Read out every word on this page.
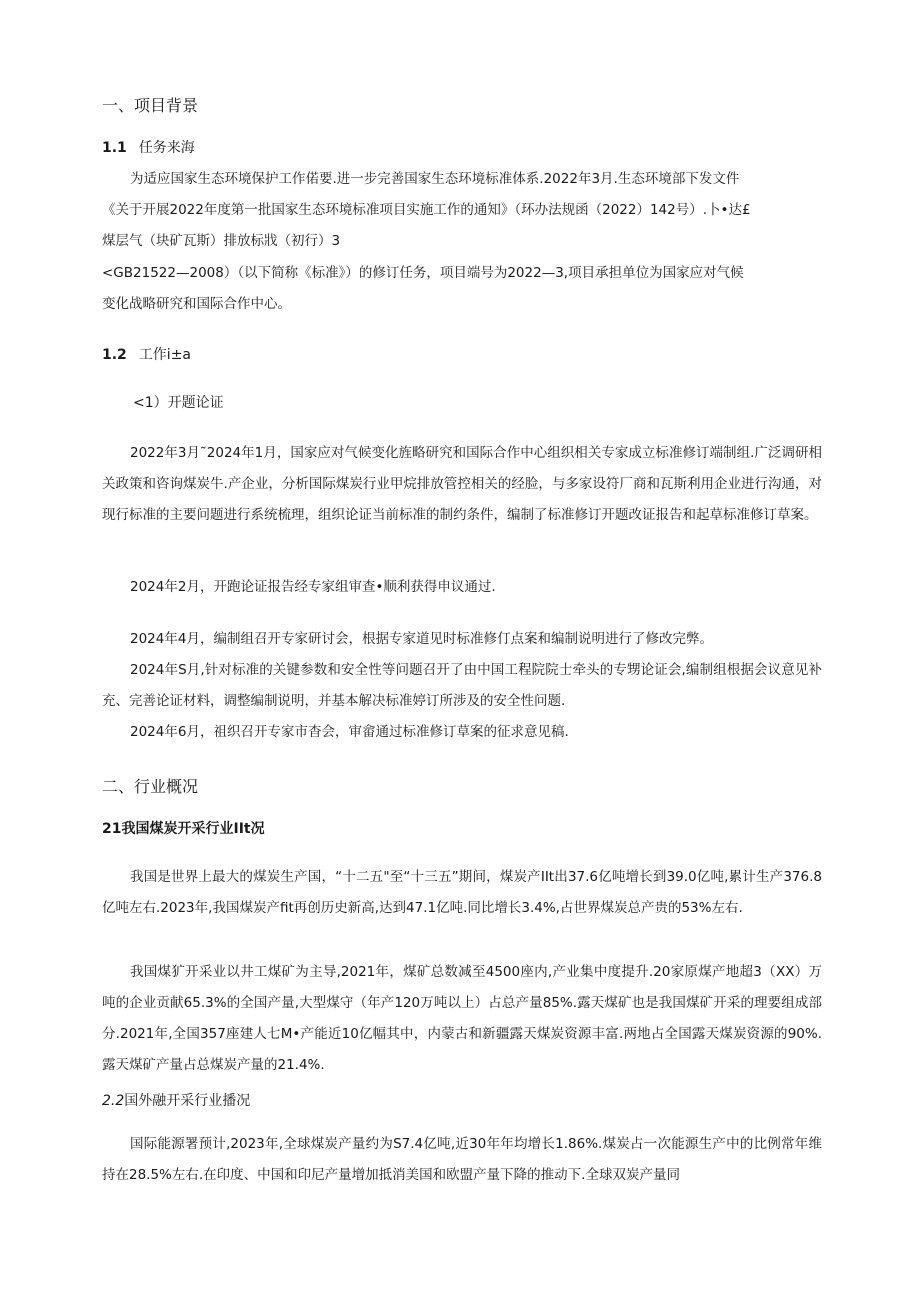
一、项目背景
1.1 任务来海
为适应国家生态环境保护工作偌要.进一步完善国家生态环境标准体系.2022年3月.生态环境部下发文件
《关于开展2022年度第一批国家生态环境标准项目实施工作的通知》（环办法规函（2022）142号）.卜•达£
煤层气（块矿瓦斯）排放标戕（初行）3
<GB21522—2008）（以下简称《标准》）的修订任务，项目端号为2022—3,项目承担单位为国家应对气候
变化战略研究和国际合作中心。
1.2 工作i±a
<1）开题论证
2022年3月˜2024年1月，国家应对气候变化旌略研究和国际合作中心组织相关专家成立标准修订端制组.广泛调研相关政策和咨询煤炭牛.产企业，分析国际煤炭行业甲烷排放管控相关的经脸，与多家设符厂商和瓦斯利用企业进行沟通，对现行标准的主要问题进行系统梳理，组织论证当前标准的制约条件，编制了标准修订开题改证报告和起草标准修订草案。
2024年2月，开跑论证报告经专家组审查•顺利获得申议通过.
2024年4月，编制组召开专家研讨会，根据专家道见时标准修仃点案和编制说明进行了修改完弊。
2024年S月,针对标准的关键参数和安全性等问题召开了由中国工程院院士牵头的专甥论证会,编制组根据会议意见补充、完善论证材料，调整编制说明，并基本解决标准婷订所涉及的安全性问题.
2024年6月，祖织召开专家市杳会，审畲通过标准修订草案的征求意见稿.
二、行业概况
21我国煤炭开采行业IIt况
我国是世界上最大的煤炭生产国，“十二五"至“十三五”期间，煤炭产IIt出37.6亿吨增长到39.0亿吨,累计生产376.8亿吨左右.2023年,我国煤炭产fit再创历史新高,达到47.1亿吨.同比增长3.4%,占世界煤炭总产贵的53%左右.
我国煤犷开采业以井工煤矿为主导,2021年，煤矿总数减至4500座内,产业集中度提升.20家原煤产地超3（XX）万吨的企业贡献65.3%的全国产量,大型煤守（年产120万吨以上）占总产量85%.露天煤矿也是我国煤矿开采的理要组成部分.2021年,全国357座建人七M•产能近10亿幅其中，内蒙古和新疆露天煤炭资源丰富.两地占全国露天煤炭资源的90%.露天煤矿产量占总煤炭产量的21.4%.
2.2国外融开采行业播况
国际能源署预计,2023年,全球煤炭产量约为S7.4亿吨,近30年年均增长1.86%.煤炭占一次能源生产中的比例常年维持在28.5%左右.在印度、中国和印尼产量增加抵消美国和欧盟产量下降的推动下.全球双炭产量同
